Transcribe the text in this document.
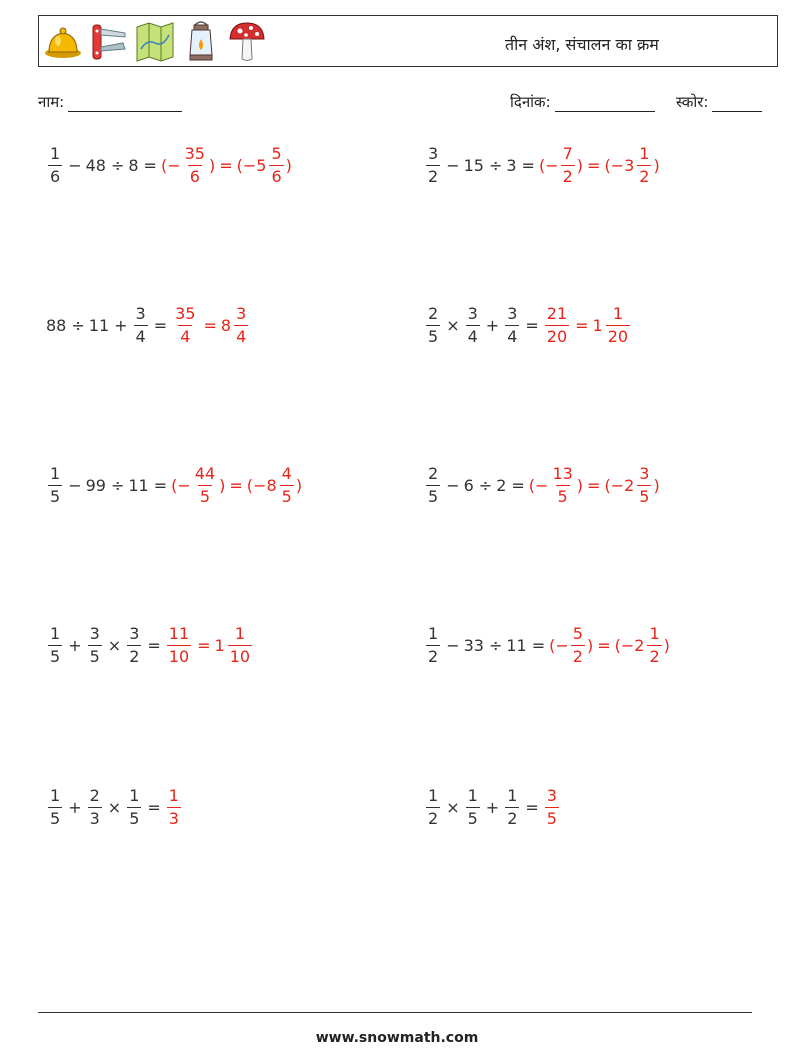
तीन अंश, संचालन का क्रम
नाम:	दिनांक:	स्कोर:
$\frac{1}{6} - 48 \div 8$ = ( − $\frac{35}{6}$ ) = ( − $5 \frac{5}{6}$ )	$\frac{3}{2} - 15 \div 3$ = ( − $\frac{7}{2}$ ) = ( − $3 \frac{1}{2}$ )
$88 \div 11 + \frac{3}{4} = \frac{35}{4} = 8 \frac{3}{4}$	$\frac{2}{5} \times \frac{3}{4} + \frac{3}{4} = \frac{21}{20} = 1 \frac{1}{20}$
$\frac{1}{5} - 99 \div 11$ = ( − $\frac{44}{5}$ ) = ( − $8 \frac{4}{5}$ )	$\frac{2}{5} - 6 \div 2$ = ( − $\frac{13}{5}$ ) = ( − $2 \frac{3}{5}$ )
$\frac{1}{5} + \frac{3}{5} \times \frac{3}{2} = \frac{11}{10} = 1 \frac{1}{10}$	$\frac{1}{2} - 33 \div 11$ = ( − $\frac{5}{2}$ ) = ( − $2 \frac{1}{2}$ )
$\frac{1}{5} + \frac{2}{3} \times \frac{1}{5} = \frac{1}{3}$	$\frac{1}{2} \times \frac{1}{5} + \frac{1}{2} = \frac{3}{5}$
www.snowmath.com
